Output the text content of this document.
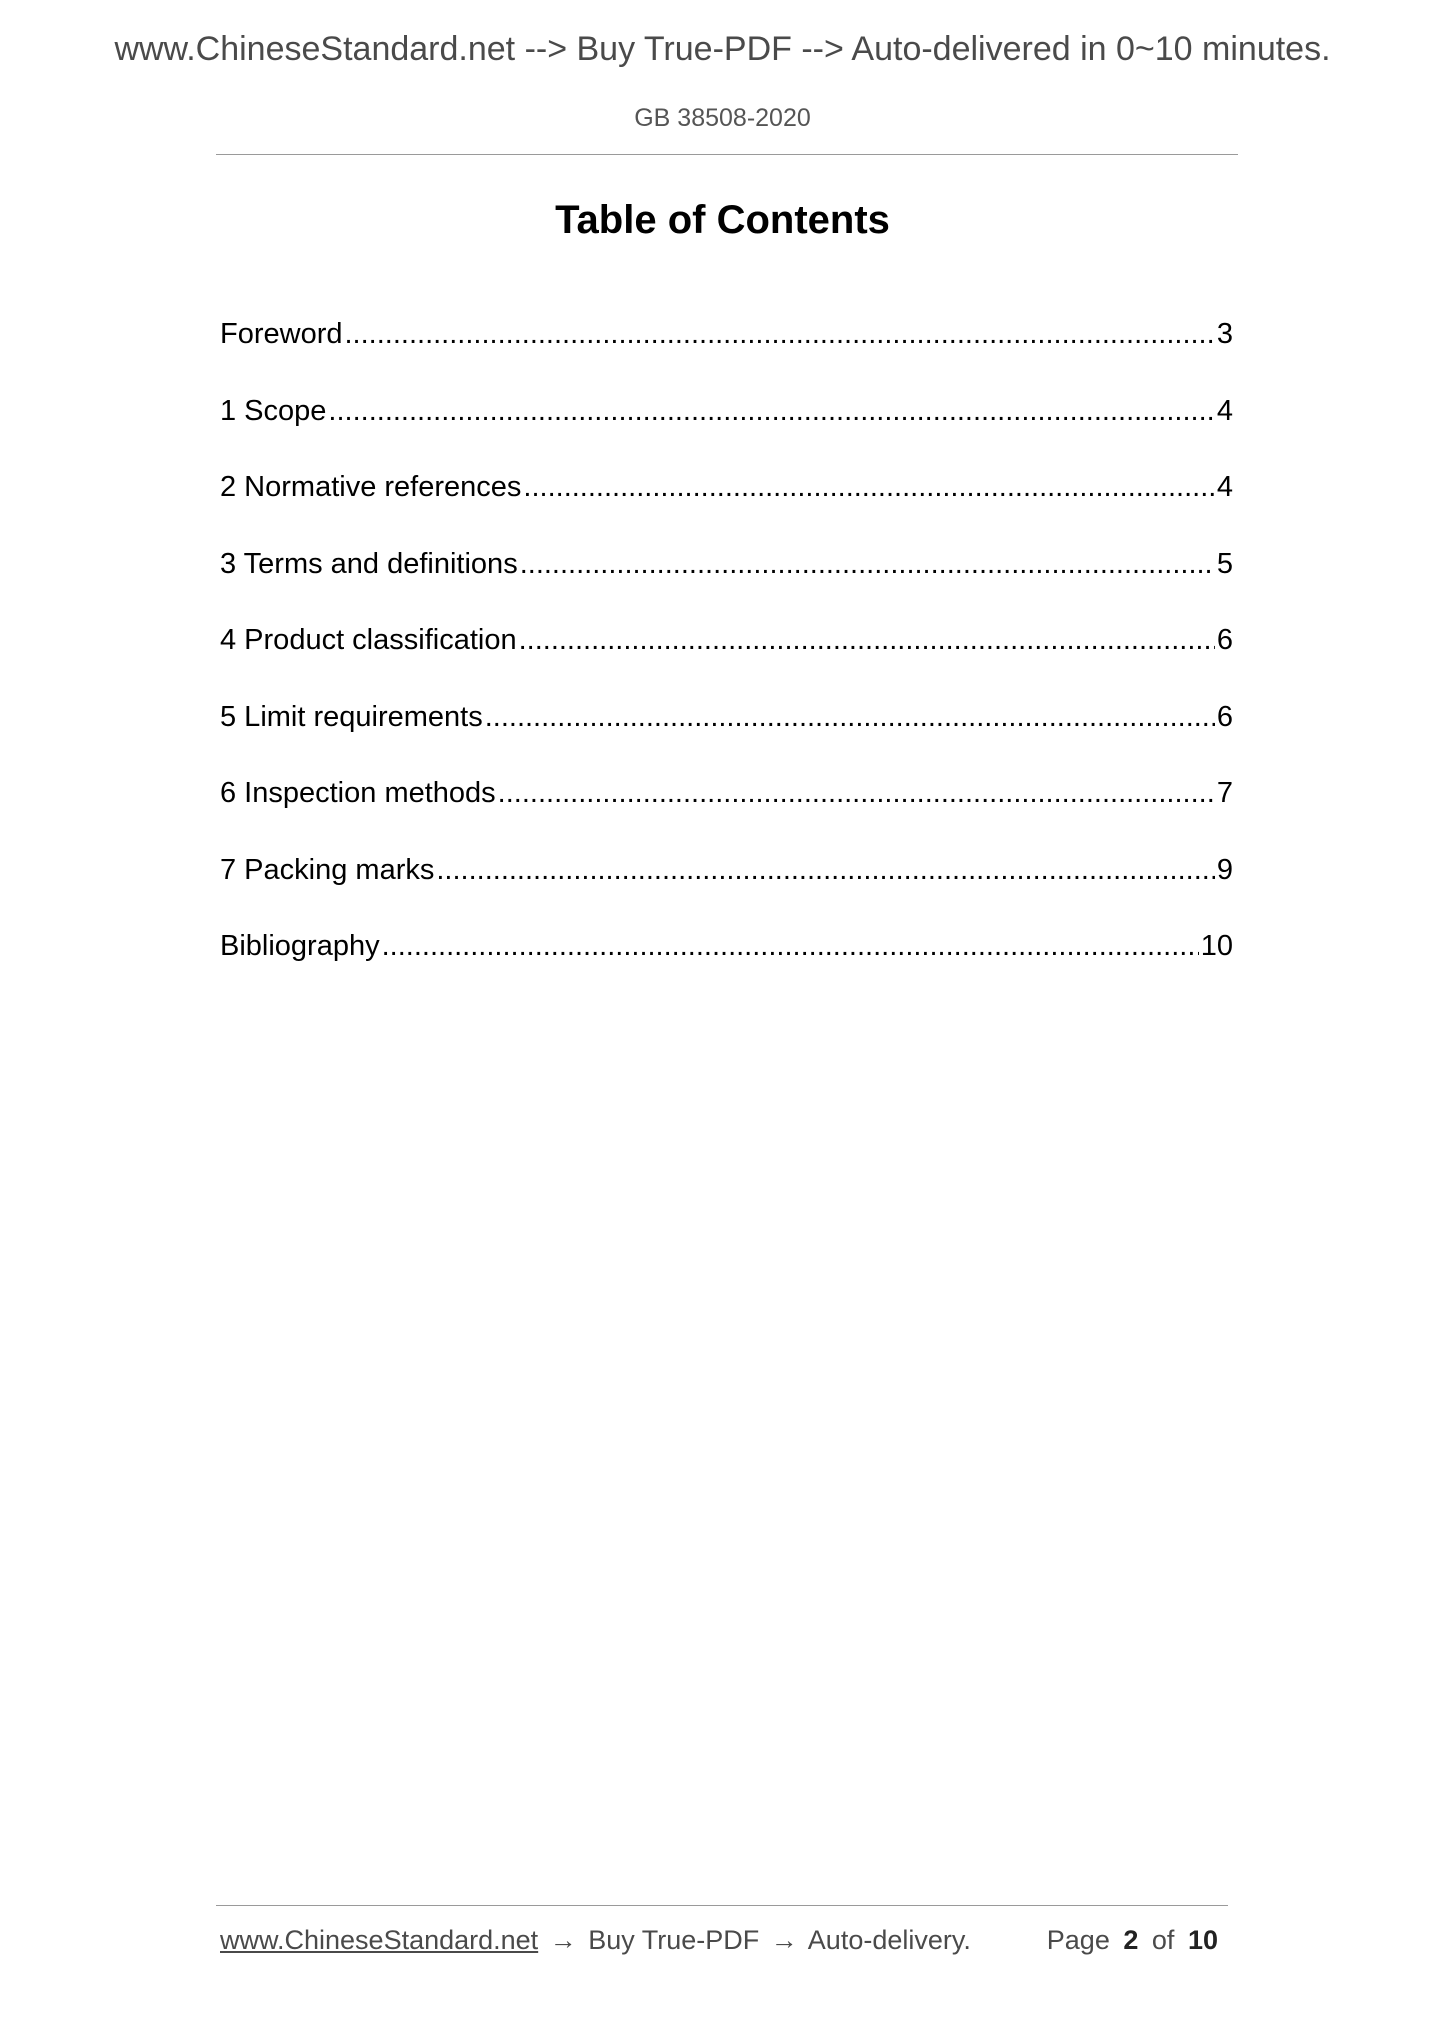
www.ChineseStandard.net --> Buy True-PDF --> Auto-delivered in 0~10 minutes.
GB 38508-2020
Table of Contents
Foreword .....	3
1 Scope .....	4
2 Normative references .....	4
3 Terms and definitions .....	5
4 Product classification .....	6
5 Limit requirements .....	6
6 Inspection methods .....	7
7 Packing marks .....	9
Bibliography .....	10
www.ChineseStandard.net → Buy True-PDF → Auto-delivery.	Page 2 of 10
